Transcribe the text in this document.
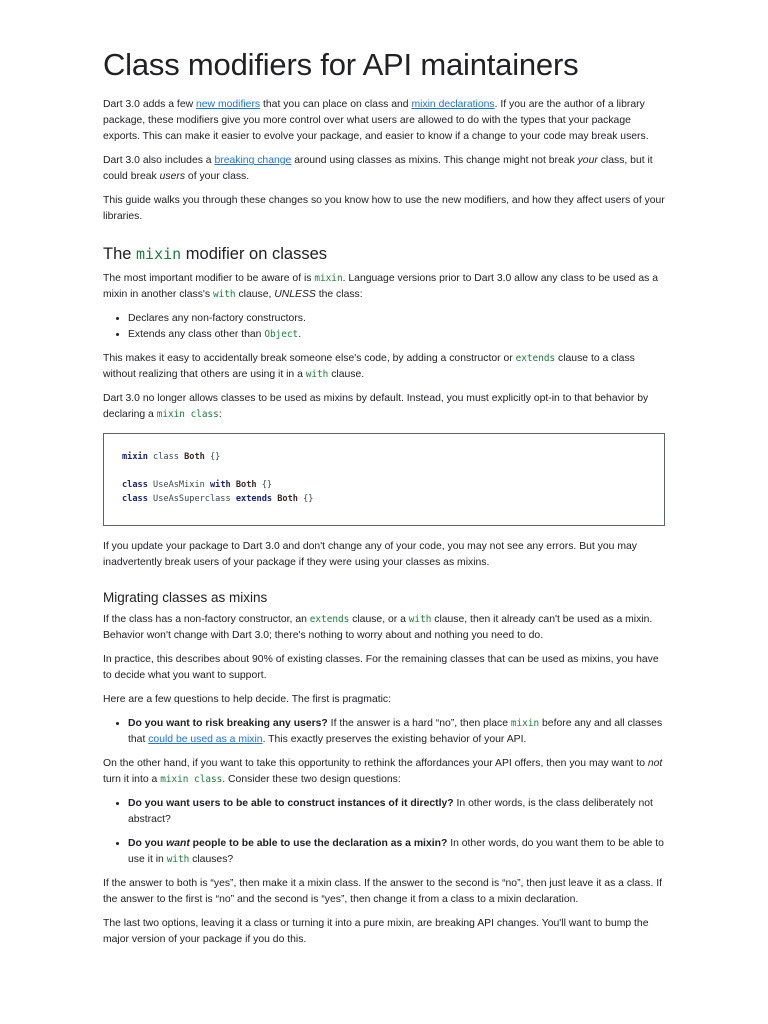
Class modifiers for API maintainers

Dart 3.0 adds a few new modifiers that you can place on class and mixin declarations. If you are the author of a library package, these modifiers give you more control over what users are allowed to do with the types that your package exports. This can make it easier to evolve your package, and easier to know if a change to your code may break users.

Dart 3.0 also includes a breaking change around using classes as mixins. This change might not break your class, but it could break users of your class.

This guide walks you through these changes so you know how to use the new modifiers, and how they affect users of your libraries.

The mixin modifier on classes

The most important modifier to be aware of is mixin. Language versions prior to Dart 3.0 allow any class to be used as a mixin in another class's with clause, UNLESS the class:

• Declares any non-factory constructors.
• Extends any class other than Object.

This makes it easy to accidentally break someone else's code, by adding a constructor or extends clause to a class without realizing that others are using it in a with clause.

Dart 3.0 no longer allows classes to be used as mixins by default. Instead, you must explicitly opt-in to that behavior by declaring a mixin class:

mixin class Both {}
class UseAsMixin with Both {}
class UseAsSuperclass extends Both {}

If you update your package to Dart 3.0 and don't change any of your code, you may not see any errors. But you may inadvertently break users of your package if they were using your classes as mixins.

Migrating classes as mixins

If the class has a non-factory constructor, an extends clause, or a with clause, then it already can't be used as a mixin. Behavior won't change with Dart 3.0; there's nothing to worry about and nothing you need to do.

In practice, this describes about 90% of existing classes. For the remaining classes that can be used as mixins, you have to decide what you want to support.

Here are a few questions to help decide. The first is pragmatic:

• Do you want to risk breaking any users? If the answer is a hard “no”, then place mixin before any and all classes that could be used as a mixin. This exactly preserves the existing behavior of your API.

On the other hand, if you want to take this opportunity to rethink the affordances your API offers, then you may want to not turn it into a mixin class. Consider these two design questions:

• Do you want users to be able to construct instances of it directly? In other words, is the class deliberately not abstract?
• Do you want people to be able to use the declaration as a mixin? In other words, do you want them to be able to use it in with clauses?

If the answer to both is “yes”, then make it a mixin class. If the answer to the second is “no”, then just leave it as a class. If the answer to the first is “no” and the second is “yes”, then change it from a class to a mixin declaration.

The last two options, leaving it a class or turning it into a pure mixin, are breaking API changes. You'll want to bump the major version of your package if you do this.
